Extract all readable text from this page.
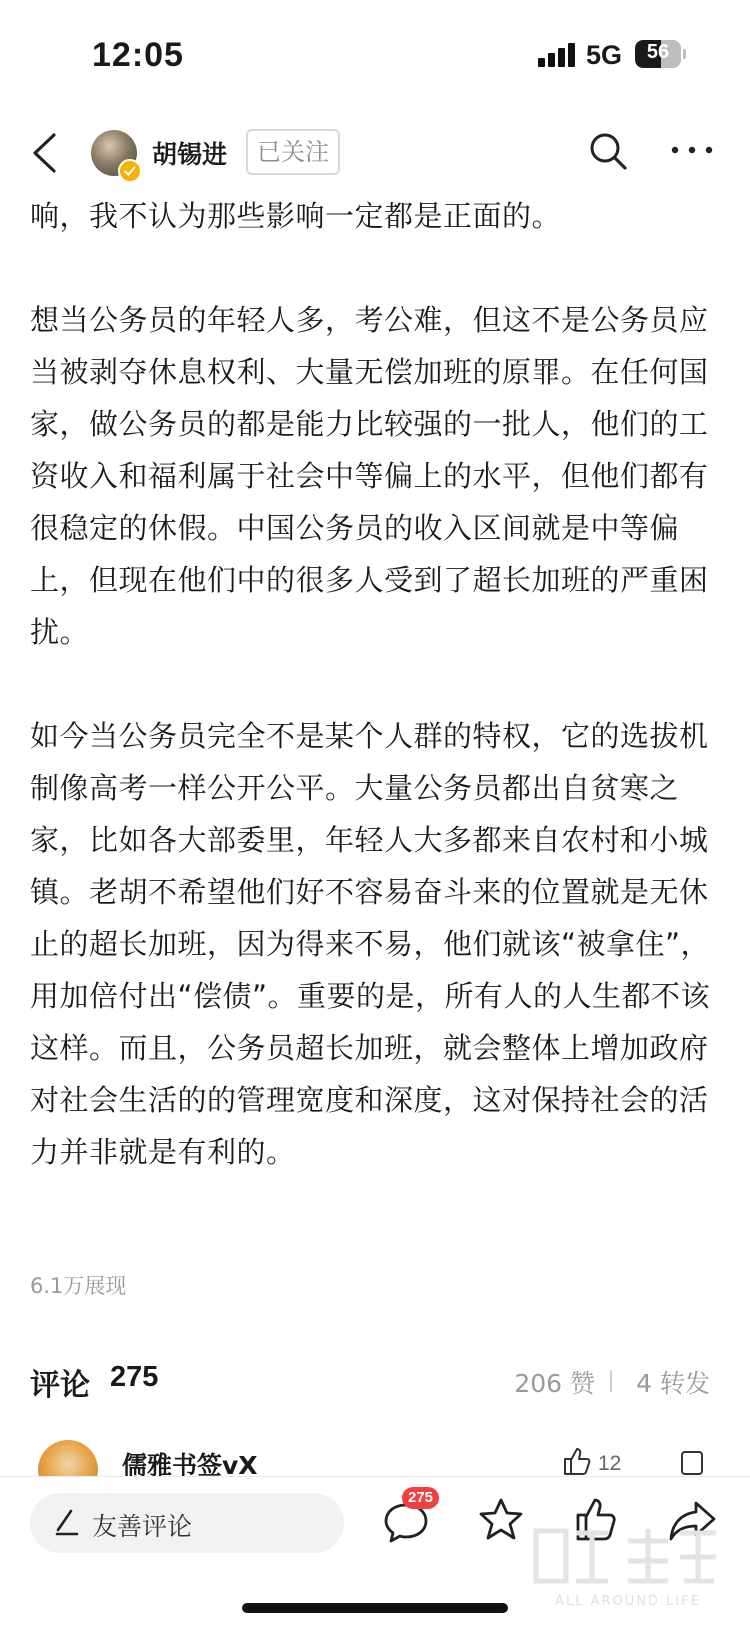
12:05	5G	56
胡锡进	已关注

响，我不认为那些影响一定都是正面的。

想当公务员的年轻人多，考公难，但这不是公务员应当被剥夺休息权利、大量无偿加班的原罪。在任何国家，做公务员的都是能力比较强的一批人，他们的工资收入和福利属于社会中等偏上的水平，但他们都有很稳定的休假。中国公务员的收入区间就是中等偏上，但现在他们中的很多人受到了超长加班的严重困扰。

如今当公务员完全不是某个人群的特权，它的选拔机制像高考一样公开公平。大量公务员都出自贫寒之家，比如各大部委里，年轻人大多都来自农村和小城镇。老胡不希望他们好不容易奋斗来的位置就是无休止的超长加班，因为得来不易，他们就该“被拿住”，用加倍付出“偿债”。重要的是，所有人的人生都不该这样。而且，公务员超长加班，就会整体上增加政府对社会生活的的管理宽度和深度，这对保持社会的活力并非就是有利的。

6.1万展现
评论 275	206 赞 4 转发
儒雅书签vX	12
友善评论
275
ALL AROUND LIFE
